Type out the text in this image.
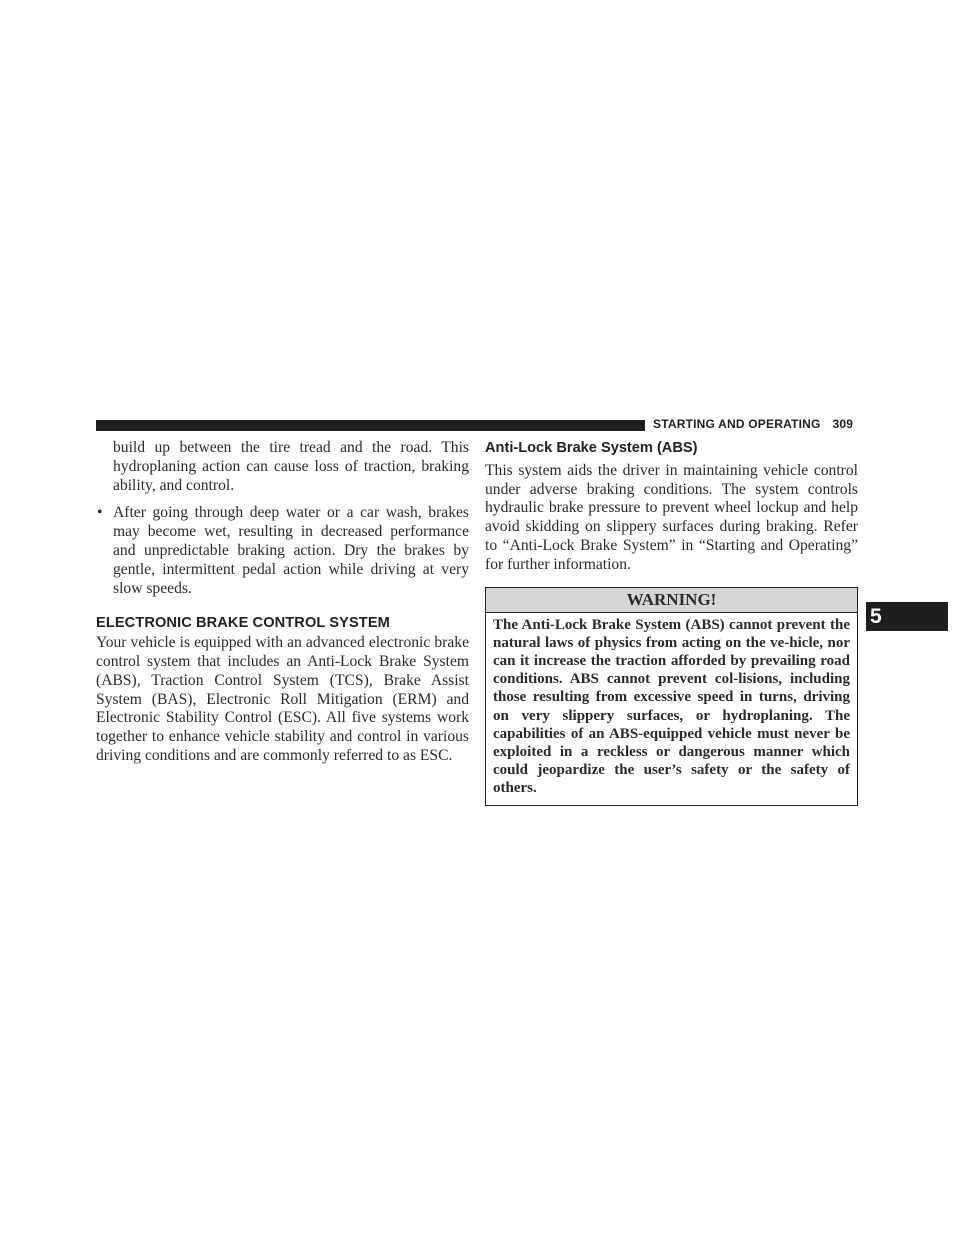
STARTING AND OPERATING 309
5

build up between the tire tread and the road. This hydroplaning action can cause loss of traction, braking ability, and control.

• After going through deep water or a car wash, brakes may become wet, resulting in decreased performance and unpredictable braking action. Dry the brakes by gentle, intermittent pedal action while driving at very slow speeds.
ELECTRONIC BRAKE CONTROL SYSTEM

Your vehicle is equipped with an advanced electronic brake control system that includes an Anti-Lock Brake System (ABS), Traction Control System (TCS), Brake Assist System (BAS), Electronic Roll Mitigation (ERM) and Electronic Stability Control (ESC). All five systems work together to enhance vehicle stability and control in various driving conditions and are commonly referred to as ESC.

Anti-Lock Brake System (ABS)

This system aids the driver in maintaining vehicle control under adverse braking conditions. The system controls hydraulic brake pressure to prevent wheel lockup and help avoid skidding on slippery surfaces during braking. Refer to “Anti-Lock Brake System” in “Starting and Operating” for further information.

WARNING!
The Anti-Lock Brake System (ABS) cannot prevent the natural laws of physics from acting on the ve-hicle, nor can it increase the traction afforded by prevailing road conditions. ABS cannot prevent col-lisions, including those resulting from excessive speed in turns, driving on very slippery surfaces, or hydroplaning. The capabilities of an ABS-equipped vehicle must never be exploited in a reckless or dangerous manner which could jeopardize the user’s safety or the safety of others.
